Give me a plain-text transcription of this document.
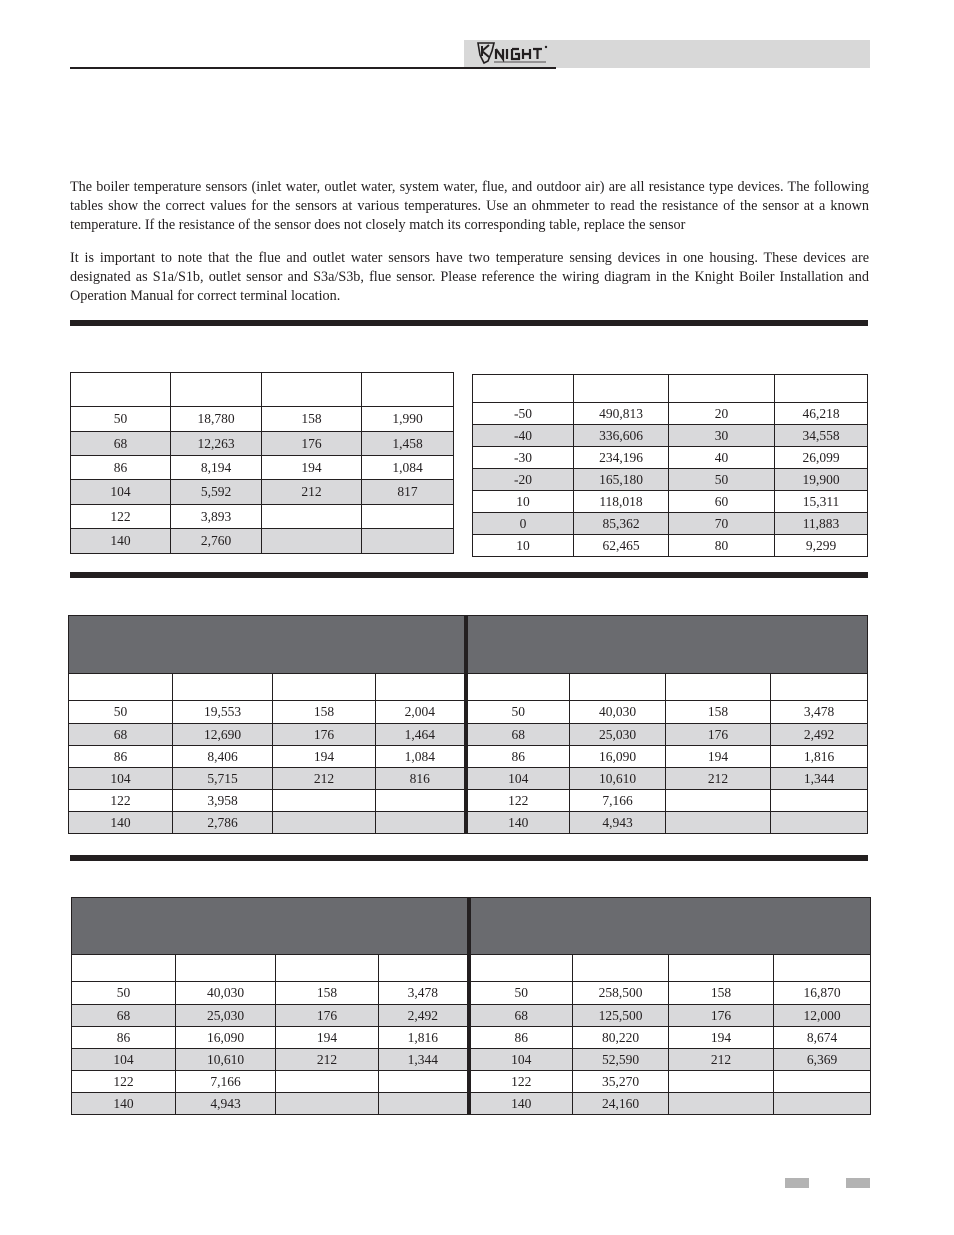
The boiler temperature sensors (inlet water, outlet water, system water, flue, and outdoor air) are all resistance type devices. The following tables show the correct values for the sensors at various temperatures. Use an ohmmeter to read the resistance of the sensor at a known temperature. If the resistance of the sensor does not closely match its corresponding table, replace the sensor

It is important to note that the flue and outlet water sensors have two temperature sensing devices in one housing. These devices are designated as S1a/S1b, outlet sensor and S3a/S3b, flue sensor. Please reference the wiring diagram in the Knight Boiler Installation and Operation Manual for correct terminal location.

50	18,780	158	1,990
68	12,263	176	1,458
86	8,194	194	1,084
104	5,592	212	817
122	3,893		
140	2,760		

-50	490,813	20	46,218
-40	336,606	30	34,558
-30	234,196	40	26,099
-20	165,180	50	19,900
10	118,018	60	15,311
0	85,362	70	11,883
10	62,465	80	9,299

50	19,553	158	2,004	50	40,030	158	3,478
68	12,690	176	1,464	68	25,030	176	2,492
86	8,406	194	1,084	86	16,090	194	1,816
104	5,715	212	816	104	10,610	212	1,344
122	3,958			122	7,166		
140	2,786			140	4,943		

50	40,030	158	3,478	50	258,500	158	16,870
68	25,030	176	2,492	68	125,500	176	12,000
86	16,090	194	1,816	86	80,220	194	8,674
104	10,610	212	1,344	104	52,590	212	6,369
122	7,166			122	35,270		
140	4,943			140	24,160		
